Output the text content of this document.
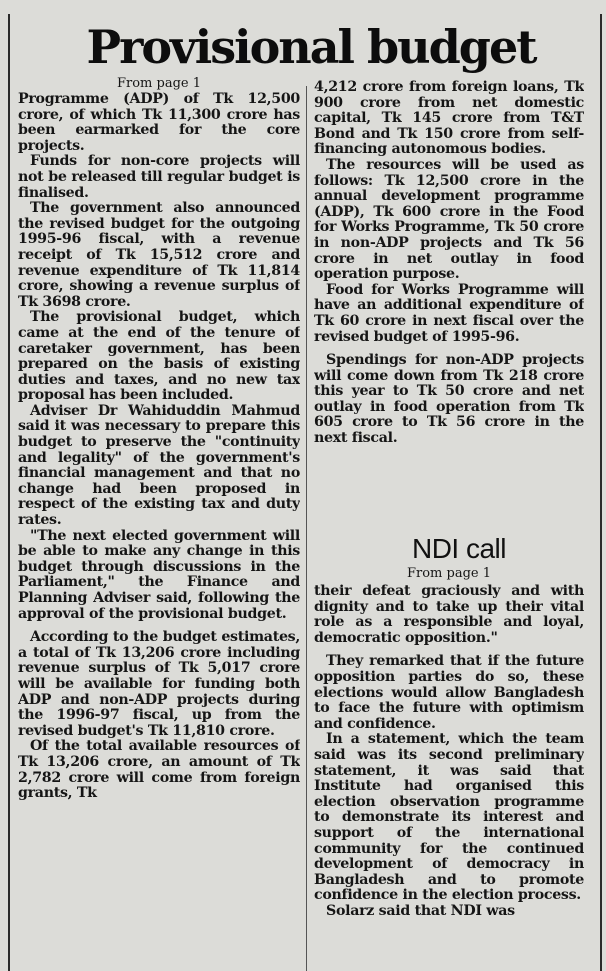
Provisional budget
From page 1

Programme (ADP) of Tk 12,500 crore, of which Tk 11,300 crore has been earmarked for the core projects.

Funds for non-core projects will not be released till regular budget is finalised.

The government also announced the revised budget for the outgoing 1995-96 fiscal, with a revenue receipt of Tk 15,512 crore and revenue expenditure of Tk 11,814 crore, showing a revenue surplus of Tk 3698 crore.

The provisional budget, which came at the end of the tenure of caretaker government, has been prepared on the basis of existing duties and taxes, and no new tax proposal has been included.

Adviser Dr Wahiduddin Mahmud said it was necessary to prepare this budget to preserve the "continuity and legality" of the government's financial management and that no change had been proposed in respect of the existing tax and duty rates.

"The next elected government will be able to make any change in this budget through discussions in the Parliament," the Finance and Planning Adviser said, following the approval of the provisional budget.

According to the budget estimates, a total of Tk 13,206 crore including revenue surplus of Tk 5,017 crore will be available for funding both ADP and non-ADP projects during the 1996-97 fiscal, up from the revised budget's Tk 11,810 crore.

Of the total available resources of Tk 13,206 crore, an amount of Tk 2,782 crore will come from foreign grants, Tk

4,212 crore from foreign loans, Tk 900 crore from net domestic capital, Tk 145 crore from T&T Bond and Tk 150 crore from self-financing autonomous bodies.

The resources will be used as follows: Tk 12,500 crore in the annual development programme (ADP), Tk 600 crore in the Food for Works Programme, Tk 50 crore in non-ADP projects and Tk 56 crore in net outlay in food operation purpose.

Food for Works Programme will have an additional expenditure of Tk 60 crore in next fiscal over the revised budget of 1995-96.

Spendings for non-ADP projects will come down from Tk 218 crore this year to Tk 50 crore and net outlay in food operation from Tk 605 crore to Tk 56 crore in the next fiscal.

NDI call
From page 1

their defeat graciously and with dignity and to take up their vital role as a responsible and loyal, democratic opposition."

They remarked that if the future opposition parties do so, these elections would allow Bangladesh to face the future with optimism and confidence.

In a statement, which the team said was its second preliminary statement, it was said that Institute had organised this election observation programme to demonstrate its interest and support of the international community for the continued development of democracy in Bangladesh and to promote confidence in the election process.

Solarz said that NDI was
